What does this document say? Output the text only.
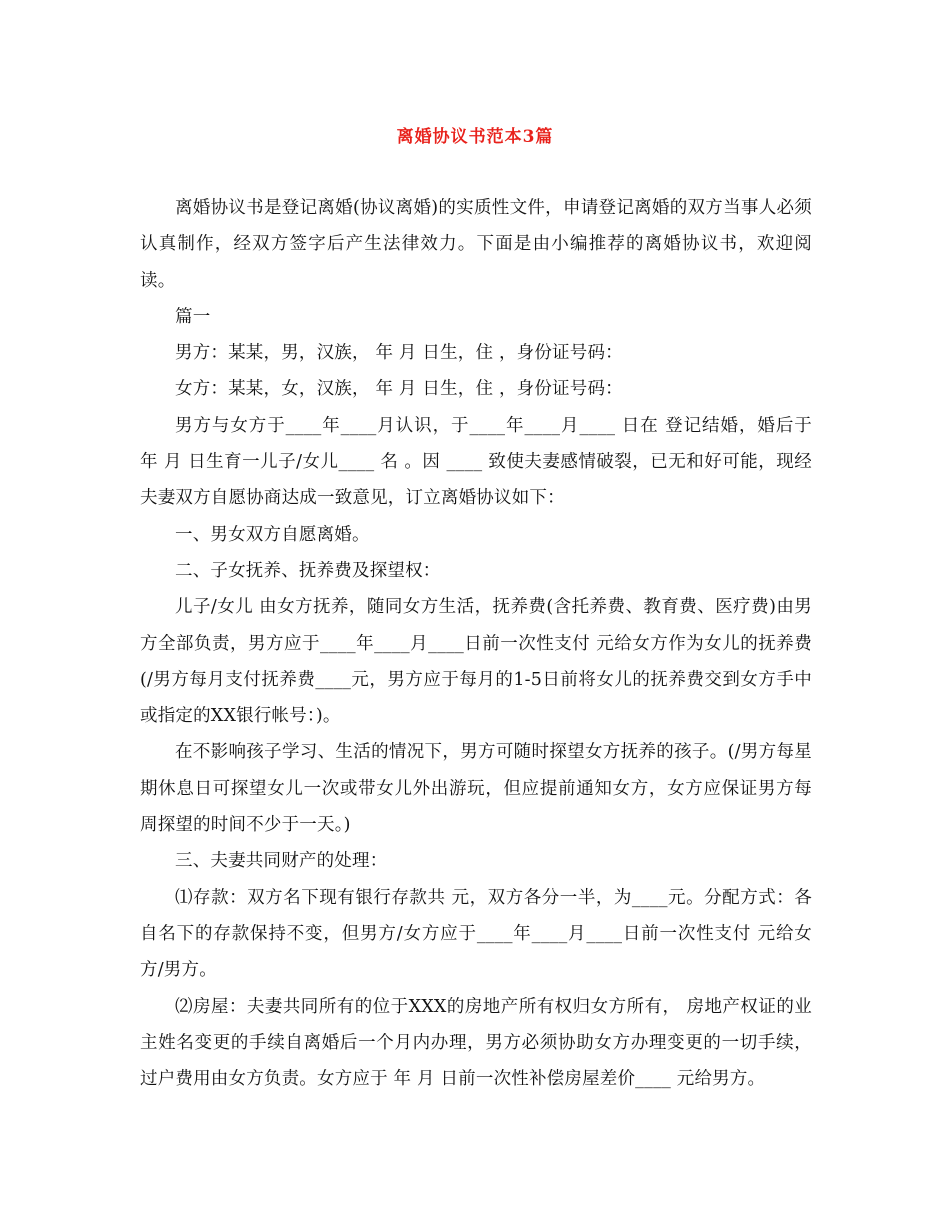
离婚协议书范本3篇

离婚协议书是登记离婚(协议离婚)的实质性文件，申请登记离婚的双方当事人必须认真制作，经双方签字后产生法律效力。下面是由小编推荐的离婚协议书，欢迎阅读。

篇一

男方：某某，男，汉族， 年 月 日生，住 ，身份证号码：

女方：某某，女，汉族， 年 月 日生，住 ，身份证号码：

男方与女方于____年____月认识，于____年____月____ 日在 登记结婚，婚后于 年 月 日生育一儿子/女儿____ 名 。因 ____ 致使夫妻感情破裂，已无和好可能，现经夫妻双方自愿协商达成一致意见，订立离婚协议如下：

一、男女双方自愿离婚。

二、子女抚养、抚养费及探望权：

儿子/女儿 由女方抚养，随同女方生活，抚养费(含托养费、教育费、医疗费)由男方全部负责，男方应于____年____月____日前一次性支付 元给女方作为女儿的抚养费(/男方每月支付抚养费____元，男方应于每月的1-5日前将女儿的抚养费交到女方手中或指定的XX银行帐号：)。

在不影响孩子学习、生活的情况下，男方可随时探望女方抚养的孩子。(/男方每星期休息日可探望女儿一次或带女儿外出游玩，但应提前通知女方，女方应保证男方每周探望的时间不少于一天。)

三、夫妻共同财产的处理：

⑴存款：双方名下现有银行存款共 元，双方各分一半，为____元。分配方式：各自名下的存款保持不变，但男方/女方应于____年____月____日前一次性支付 元给女方/男方。

⑵房屋：夫妻共同所有的位于XXX的房地产所有权归女方所有， 房地产权证的业主姓名变更的手续自离婚后一个月内办理，男方必须协助女方办理变更的一切手续，过户费用由女方负责。女方应于 年 月 日前一次性补偿房屋差价____ 元给男方。
